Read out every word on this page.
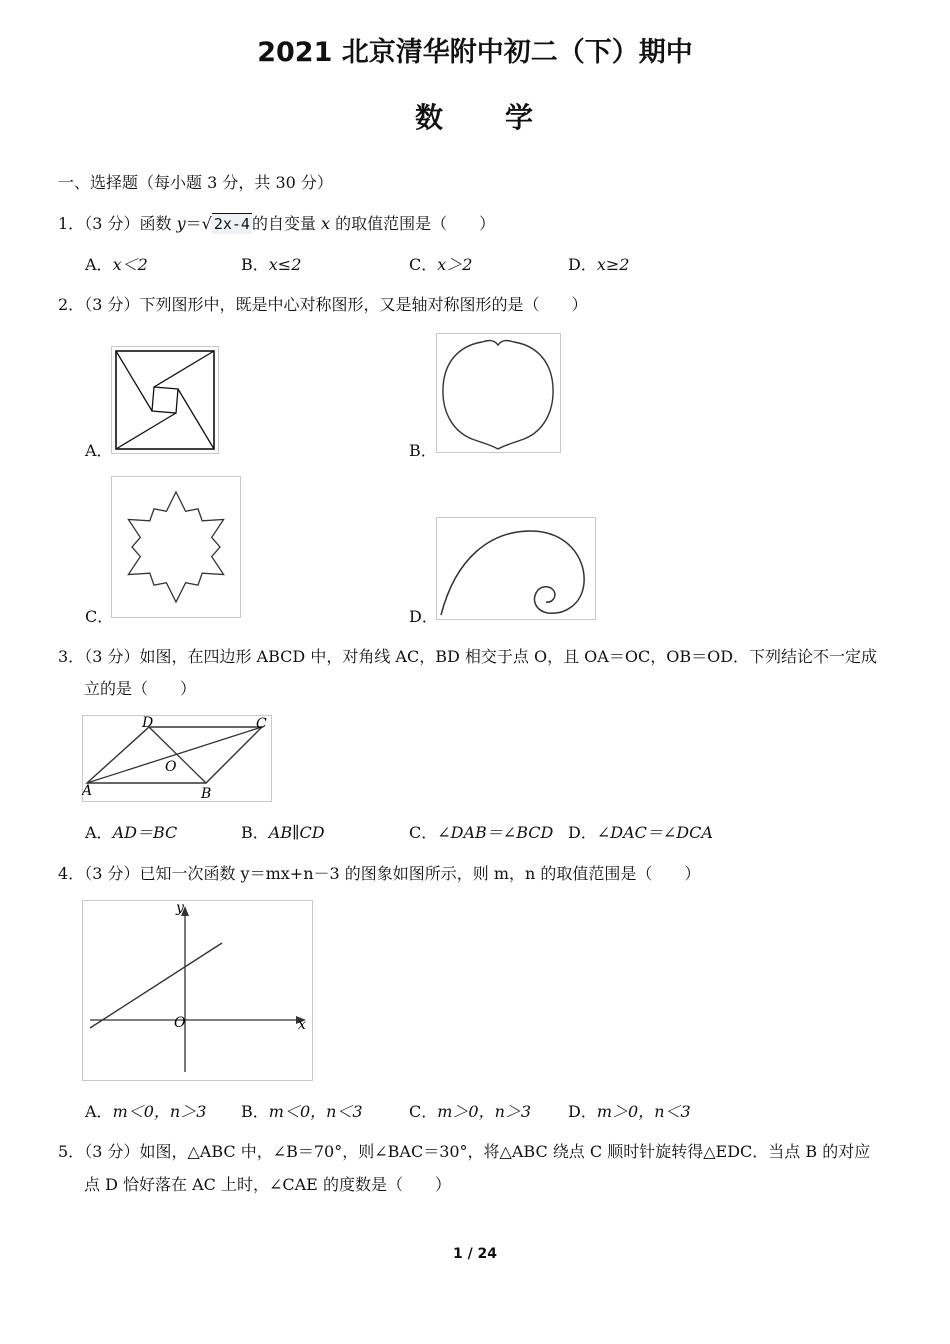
2021 北京清华附中初二（下）期中
数　　学
一、选择题（每小题 3 分，共 30 分）
1．（3 分）函数 y＝√ 2x-4 的自变量 x 的取值范围是（　　）
A．x＜2	B．x≤2	C．x＞2	D．x≥2
2．（3 分）下列图形中，既是中心对称图形，又是轴对称图形的是（　　）
A．	B．
C．	D．
3．（3 分）如图，在四边形 ABCD 中，对角线 AC，BD 相交于点 O，且 OA＝OC，OB＝OD．下列结论不一定成
立的是（　　）
D	C
O
A	B
A．AD＝BC	B．AB∥CD	C．∠DAB＝∠BCD D．∠DAC＝∠DCA
4．（3 分）已知一次函数 y＝mx+n－3 的图象如图所示，则 m，n 的取值范围是（　　）
y
x
O
A．m＜0，n＞3 B．m＜0，n＜3	C．m＞0，n＞3 D．m＞0，n＜3
5．（3 分）如图，△ABC 中，∠B＝70°，则∠BAC＝30°，将△ABC 绕点 C 顺时针旋转得△EDC．当点 B 的对应
点 D 恰好落在 AC 上时，∠CAE 的度数是（　　）
1 / 24
